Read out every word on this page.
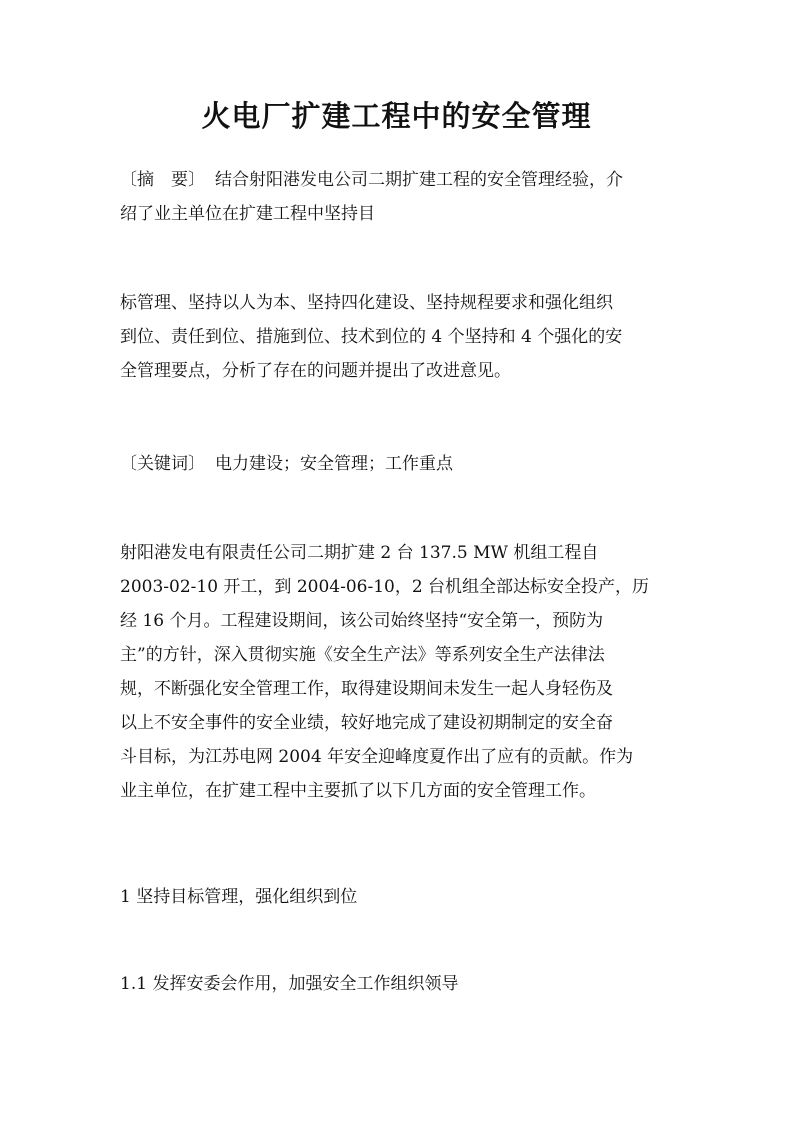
火电厂扩建工程中的安全管理
〔摘　要〕 结合射阳港发电公司二期扩建工程的安全管理经验，介
绍了业主单位在扩建工程中坚持目
标管理、坚持以人为本、坚持四化建设、坚持规程要求和强化组织
到位、责任到位、措施到位、技术到位的 4 个坚持和 4 个强化的安
全管理要点，分析了存在的问题并提出了改进意见。
〔关键词〕 电力建设；安全管理；工作重点
射阳港发电有限责任公司二期扩建 2 台 137.5 MW 机组工程自
2003-02-10 开工，到 2004-06-10，2 台机组全部达标安全投产，历
经 16 个月。工程建设期间，该公司始终坚持“安全第一，预防为
主”的方针，深入贯彻实施《安全生产法》等系列安全生产法律法
规，不断强化安全管理工作，取得建设期间未发生一起人身轻伤及
以上不安全事件的安全业绩，较好地完成了建设初期制定的安全奋
斗目标，为江苏电网 2004 年安全迎峰度夏作出了应有的贡献。作为
业主单位，在扩建工程中主要抓了以下几方面的安全管理工作。
1 坚持目标管理，强化组织到位
1.1 发挥安委会作用，加强安全工作组织领导
